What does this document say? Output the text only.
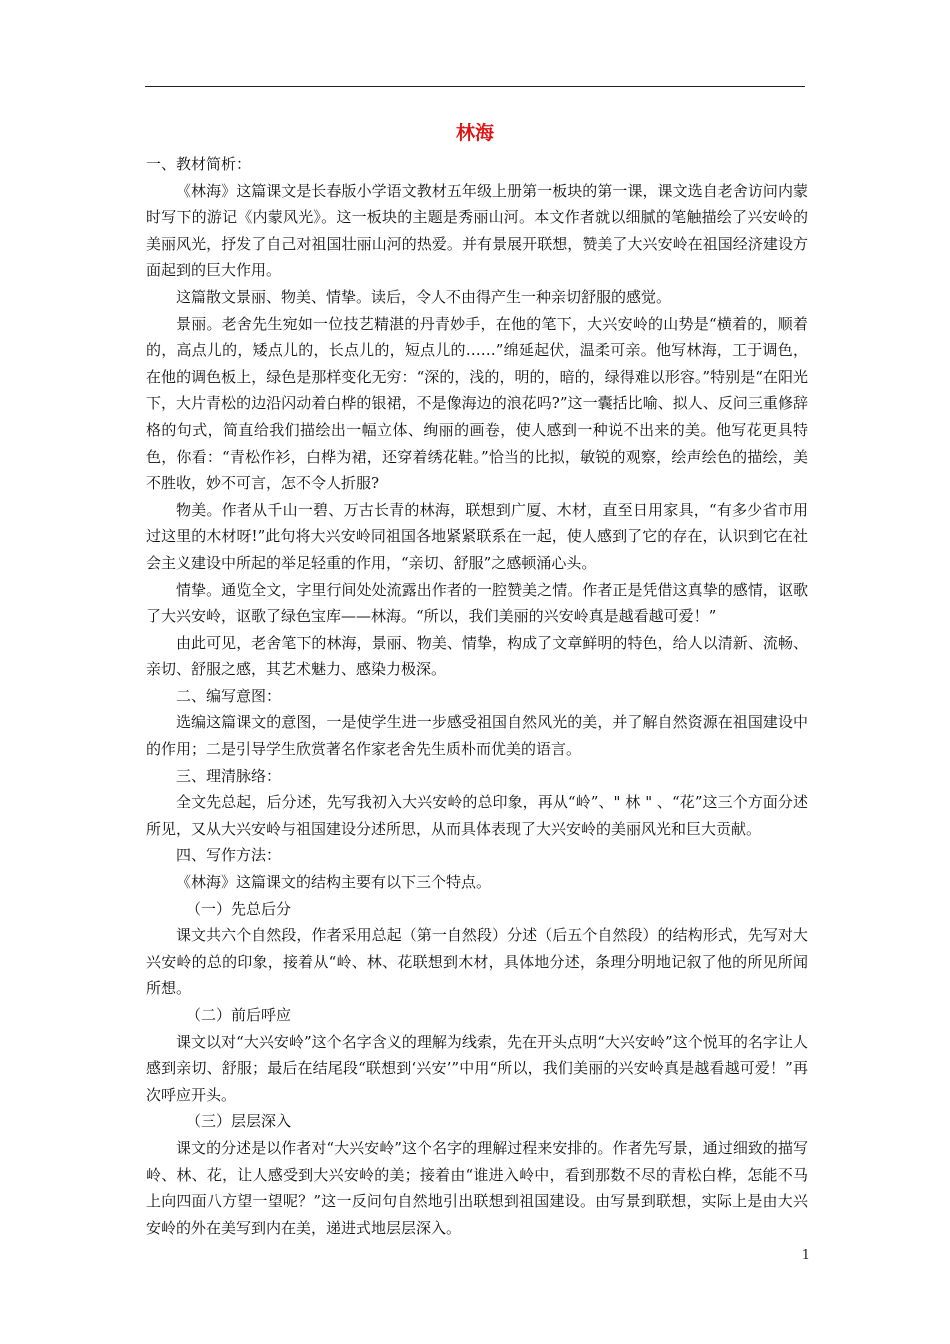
林海

一、教材简析：

《林海》这篇课文是长春版小学语文教材五年级上册第一板块的第一课，课文选自老舍访问内蒙时写下的游记《内蒙风光》。这一板块的主题是秀丽山河。本文作者就以细腻的笔触描绘了兴安岭的美丽风光，抒发了自己对祖国壮丽山河的热爱。并有景展开联想，赞美了大兴安岭在祖国经济建设方面起到的巨大作用。

这篇散文景丽、物美、情挚。读后，令人不由得产生一种亲切舒服的感觉。

景丽。老舍先生宛如一位技艺精湛的丹青妙手，在他的笔下，大兴安岭的山势是“横着的，顺着的，高点儿的，矮点儿的，长点儿的，短点儿的……”绵延起伏，温柔可亲。他写林海，工于调色，在他的调色板上，绿色是那样变化无穷：“深的，浅的，明的，暗的，绿得难以形容。”特别是“在阳光下，大片青松的边沿闪动着白桦的银裙，不是像海边的浪花吗?”这一囊括比喻、拟人、反问三重修辞格的句式，简直给我们描绘出一幅立体、绚丽的画卷，使人感到一种说不出来的美。他写花更具特色，你看：“青松作衫，白桦为裙，还穿着绣花鞋。”恰当的比拟，敏锐的观察，绘声绘色的描绘，美不胜收，妙不可言，怎不令人折服?

物美。作者从千山一碧、万古长青的林海，联想到广厦、木材，直至日用家具，“有多少省市用过这里的木材呀!”此句将大兴安岭同祖国各地紧紧联系在一起，使人感到了它的存在，认识到它在社会主义建设中所起的举足轻重的作用，“亲切、舒服”之感顿涌心头。

情挚。通览全文，字里行间处处流露出作者的一腔赞美之情。作者正是凭借这真挚的感情，讴歌了大兴安岭，讴歌了绿色宝库——林海。“所以，我们美丽的兴安岭真是越看越可爱！”

由此可见，老舍笔下的林海，景丽、物美、情挚，构成了文章鲜明的特色，给人以清新、流畅、亲切、舒服之感，其艺术魅力、感染力极深。

二、编写意图：

选编这篇课文的意图，一是使学生进一步感受祖国自然风光的美，并了解自然资源在祖国建设中的作用；二是引导学生欣赏著名作家老舍先生质朴而优美的语言。

三、理清脉络：

全文先总起，后分述，先写我初入大兴安岭的总印象，再从“岭”、" 林 " 、“花”这三个方面分述所见，又从大兴安岭与祖国建设分述所思，从而具体表现了大兴安岭的美丽风光和巨大贡献。

四、写作方法：

《林海》这篇课文的结构主要有以下三个特点。

（一）先总后分

课文共六个自然段，作者采用总起（第一自然段）分述（后五个自然段）的结构形式，先写对大兴安岭的总的印象，接着从“岭、林、花联想到木材，具体地分述，条理分明地记叙了他的所见所闻所想。

（二）前后呼应

课文以对“大兴安岭”这个名字含义的理解为线索，先在开头点明“大兴安岭”这个悦耳的名字让人感到亲切、舒服；最后在结尾段“联想到‘兴安’”中用“所以，我们美丽的兴安岭真是越看越可爱！”再次呼应开头。

（三）层层深入

课文的分述是以作者对“大兴安岭”这个名字的理解过程来安排的。作者先写景，通过细致的描写岭、林、花，让人感受到大兴安岭的美；接着由“谁进入岭中，看到那数不尽的青松白桦，怎能不马上向四面八方望一望呢？”这一反问句自然地引出联想到祖国建设。由写景到联想，实际上是由大兴安岭的外在美写到内在美，递进式地层层深入。

1
